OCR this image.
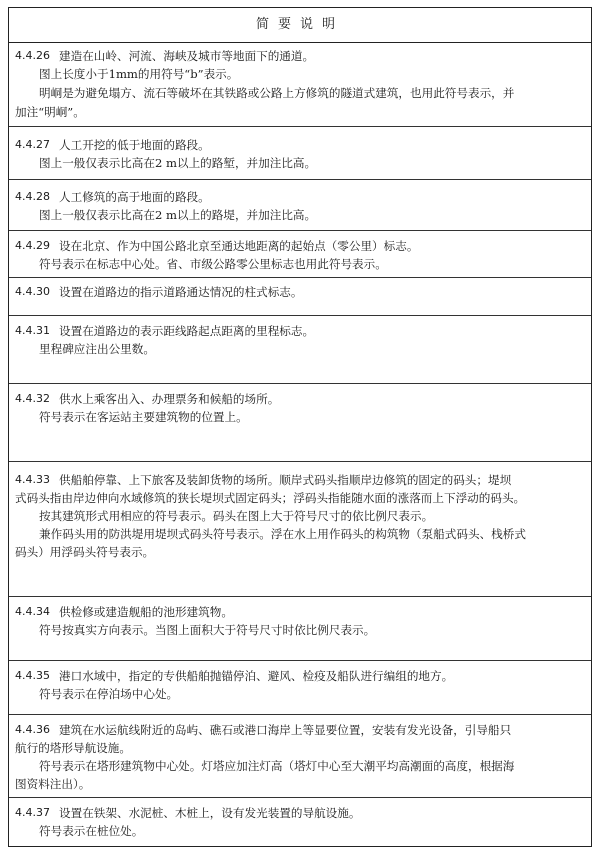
简要说明
4.4.26 建造在山岭、河流、海峡及城市等地面下的通道。
图上长度小于1mm的用符号“b”表示。
明峒是为避免塌方、流石等破坏在其铁路或公路上方修筑的隧道式建筑，也用此符号表示，并
加注“明峒”。
4.4.27 人工开挖的低于地面的路段。
图上一般仅表示比高在2 m以上的路堑，并加注比高。
4.4.28 人工修筑的高于地面的路段。
图上一般仅表示比高在2 m以上的路堤，并加注比高。
4.4.29 设在北京、作为中国公路北京至通达地距离的起始点（零公里）标志。
符号表示在标志中心处。省、市级公路零公里标志也用此符号表示。
4.4.30 设置在道路边的指示道路通达情况的柱式标志。
4.4.31 设置在道路边的表示距线路起点距离的里程标志。
里程碑应注出公里数。
4.4.32 供水上乘客出入、办理票务和候船的场所。
符号表示在客运站主要建筑物的位置上。
4.4.33 供船舶停靠、上下旅客及装卸货物的场所。顺岸式码头指顺岸边修筑的固定的码头；堤坝
式码头指由岸边伸向水域修筑的狭长堤坝式固定码头；浮码头指能随水面的涨落而上下浮动的码头。
按其建筑形式用相应的符号表示。码头在图上大于符号尺寸的依比例尺表示。
兼作码头用的防洪堤用堤坝式码头符号表示。浮在水上用作码头的构筑物（泵船式码头、栈桥式
码头）用浮码头符号表示。
4.4.34 供检修或建造舰船的池形建筑物。
符号按真实方向表示。当图上面积大于符号尺寸时依比例尺表示。
4.4.35 港口水域中，指定的专供船舶抛锚停泊、避风、检疫及船队进行编组的地方。
符号表示在停泊场中心处。
4.4.36 建筑在水运航线附近的岛屿、礁石或港口海岸上等显要位置，安装有发光设备，引导船只
航行的塔形导航设施。
符号表示在塔形建筑物中心处。灯塔应加注灯高（塔灯中心至大潮平均高潮面的高度，根据海
图资料注出）。
4.4.37 设置在铁架、水泥桩、木桩上，设有发光装置的导航设施。
符号表示在桩位处。
